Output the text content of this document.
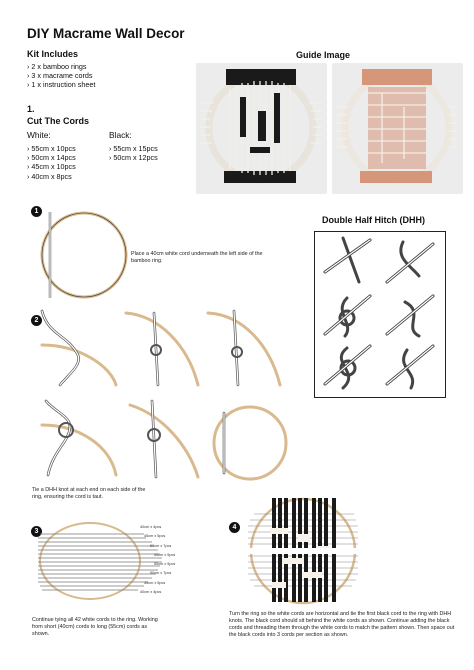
DIY Macrame Wall Decor
Kit Includes
› 2 x bamboo rings
› 3 x macrame cords
› 1 x instruction sheet
Guide Image
1.
Cut The Cords
White:
› 55cm x 10pcs
› 50cm x 14pcs
› 45cm x 10pcs
› 40cm x 8pcs
Black:
› 55cm x 15pcs
› 50cm x 12pcs
1
Place a 40cm white cord underneath the left side of the bamboo ring.
Double Half Hitch (DHH)
2
Tie a DHH knot at each end on each side of the ring, ensuring the cord is taut.
3
40cm x 4pcs
45cm x 5pcs
50cm x 7pcs
55cm x 5pcs
55cm x 5pcs
50cm x 7pcs
45cm x 5pcs
40cm x 4pcs
Continue tying all 42 white cords to the ring. Working from short (40cm) cords to long (55cm) cords as shown.
4
Turn the ring so the white cords are horizontal and tie the first black cord to the ring with DHH knots. The black cord should sit behind the white cords as shown. Continue adding the black cords and threading them through the white cords to match the pattern shown. Then space out the black cords into 3 cords per section as shown.
